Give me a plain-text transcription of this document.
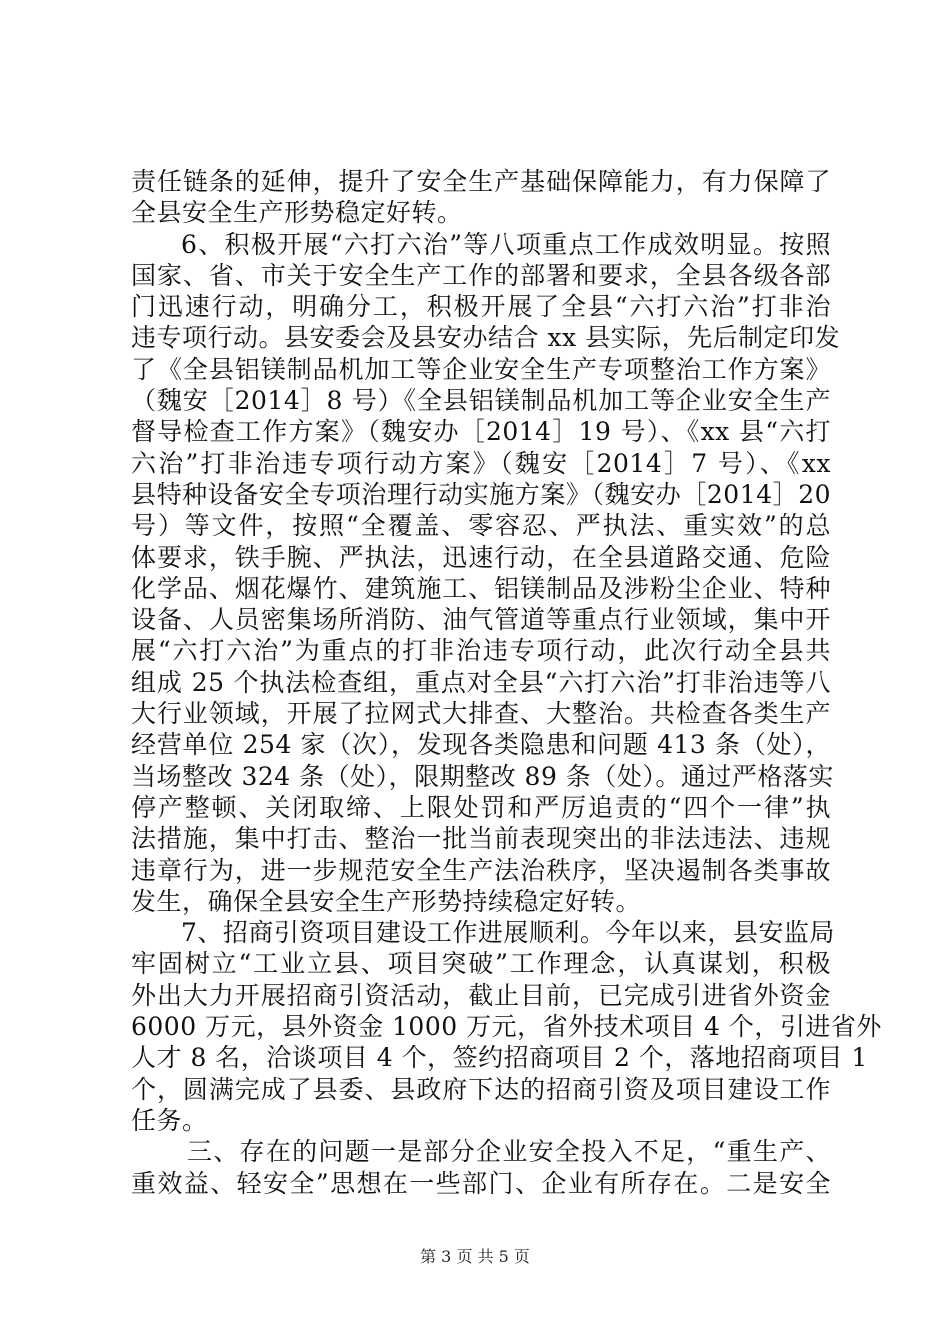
责任链条的延伸，提升了安全生产基础保障能力，有力保障了
全县安全生产形势稳定好转。
6、积极开展“六打六治”等八项重点工作成效明显。按照
国家、省、市关于安全生产工作的部署和要求，全县各级各部
门迅速行动，明确分工，积极开展了全县“六打六治”打非治
违专项行动。县安委会及县安办结合 xx 县实际，先后制定印发
了《全县铝镁制品机加工等企业安全生产专项整治工作方案》
（魏安［2014］8 号）《全县铝镁制品机加工等企业安全生产
督导检查工作方案》（魏安办［2014］19 号）、《xx 县“六打
六治”打非治违专项行动方案》（魏安［2014］7 号）、《xx
县特种设备安全专项治理行动实施方案》（魏安办［2014］20
号）等文件，按照“全覆盖、零容忍、严执法、重实效”的总
体要求，铁手腕、严执法，迅速行动，在全县道路交通、危险
化学品、烟花爆竹、建筑施工、铝镁制品及涉粉尘企业、特种
设备、人员密集场所消防、油气管道等重点行业领域，集中开
展“六打六治”为重点的打非治违专项行动，此次行动全县共
组成 25 个执法检查组，重点对全县“六打六治”打非治违等八
大行业领域，开展了拉网式大排查、大整治。共检查各类生产
经营单位 254 家（次），发现各类隐患和问题 413 条（处），
当场整改 324 条（处），限期整改 89 条（处）。通过严格落实
停产整顿、关闭取缔、上限处罚和严厉追责的“四个一律”执
法措施，集中打击、整治一批当前表现突出的非法违法、违规
违章行为，进一步规范安全生产法治秩序，坚决遏制各类事故
发生，确保全县安全生产形势持续稳定好转。
7、招商引资项目建设工作进展顺利。今年以来，县安监局
牢固树立“工业立县、项目突破”工作理念，认真谋划，积极
外出大力开展招商引资活动，截止目前，已完成引进省外资金
6000 万元，县外资金 1000 万元，省外技术项目 4 个，引进省外
人才 8 名，洽谈项目 4 个，签约招商项目 2 个，落地招商项目 1
个，圆满完成了县委、县政府下达的招商引资及项目建设工作
任务。
三、存在的问题一是部分企业安全投入不足，“重生产、
重效益、轻安全”思想在一些部门、企业有所存在。二是安全
第 3 页 共 5 页
